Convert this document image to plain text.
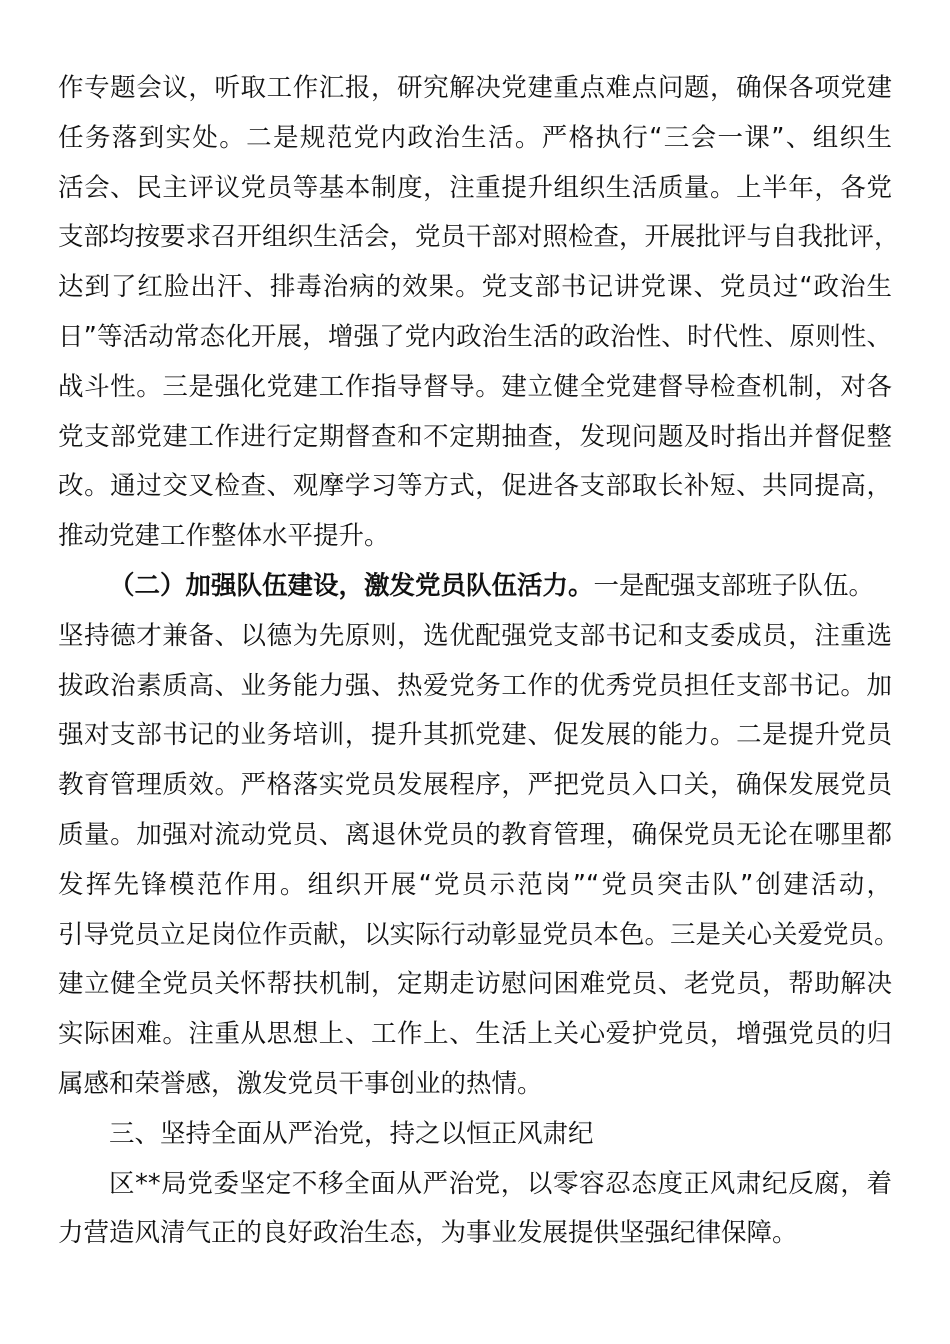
作专题会议，听取工作汇报，研究解决党建重点难点问题，确保各项党建
任务落到实处。二是规范党内政治生活。严格执行“三会一课”、组织生
活会、民主评议党员等基本制度，注重提升组织生活质量。上半年，各党
支部均按要求召开组织生活会，党员干部对照检查，开展批评与自我批评，
达到了红脸出汗、排毒治病的效果。党支部书记讲党课、党员过“政治生
日”等活动常态化开展，增强了党内政治生活的政治性、时代性、原则性、
战斗性。三是强化党建工作指导督导。建立健全党建督导检查机制，对各
党支部党建工作进行定期督查和不定期抽查，发现问题及时指出并督促整
改。通过交叉检查、观摩学习等方式，促进各支部取长补短、共同提高，
推动党建工作整体水平提升。
（二）加强队伍建设，激发党员队伍活力。一是配强支部班子队伍。
坚持德才兼备、以德为先原则，选优配强党支部书记和支委成员，注重选
拔政治素质高、业务能力强、热爱党务工作的优秀党员担任支部书记。加
强对支部书记的业务培训，提升其抓党建、促发展的能力。二是提升党员
教育管理质效。严格落实党员发展程序，严把党员入口关，确保发展党员
质量。加强对流动党员、离退休党员的教育管理，确保党员无论在哪里都
发挥先锋模范作用。组织开展“党员示范岗”“党员突击队”创建活动，
引导党员立足岗位作贡献，以实际行动彰显党员本色。三是关心关爱党员。
建立健全党员关怀帮扶机制，定期走访慰问困难党员、老党员，帮助解决
实际困难。注重从思想上、工作上、生活上关心爱护党员，增强党员的归
属感和荣誉感，激发党员干事创业的热情。
三、坚持全面从严治党，持之以恒正风肃纪
区**局党委坚定不移全面从严治党，以零容忍态度正风肃纪反腐，着
力营造风清气正的良好政治生态，为事业发展提供坚强纪律保障。
